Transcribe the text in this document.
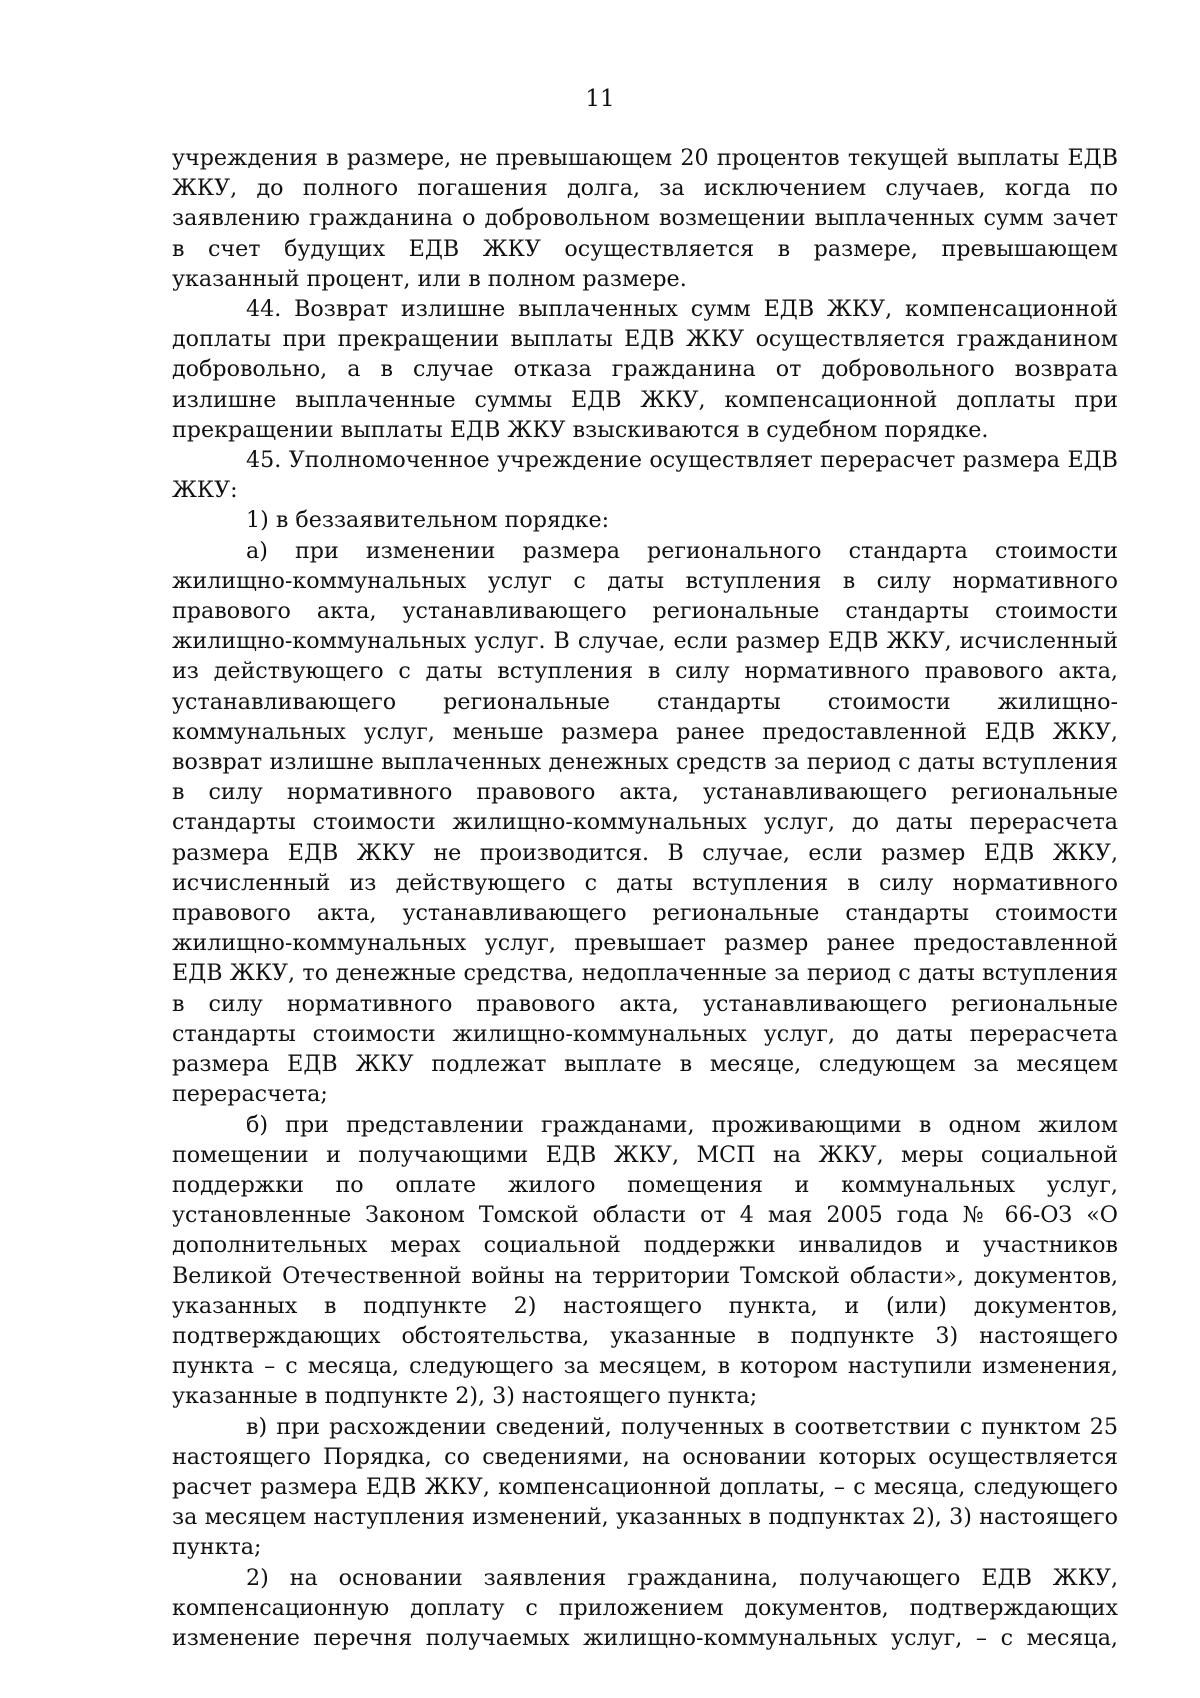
11

учреждения в размере, не превышающем 20 процентов текущей выплаты ЕДВ ЖКУ, до полного погашения долга, за исключением случаев, когда по заявлению гражданина о добровольном возмещении выплаченных сумм зачет в счет будущих ЕДВ ЖКУ осуществляется в размере, превышающем указанный процент, или в полном размере.

44. Возврат излишне выплаченных сумм ЕДВ ЖКУ, компенсационной доплаты при прекращении выплаты ЕДВ ЖКУ осуществляется гражданином добровольно, а в случае отказа гражданина от добровольного возврата излишне выплаченные суммы ЕДВ ЖКУ, компенсационной доплаты при прекращении выплаты ЕДВ ЖКУ взыскиваются в судебном порядке.

45. Уполномоченное учреждение осуществляет перерасчет размера ЕДВ ЖКУ:

1) в беззаявительном порядке:

а) при изменении размера регионального стандарта стоимости жилищно-коммунальных услуг с даты вступления в силу нормативного правового акта, устанавливающего региональные стандарты стоимости жилищно-коммунальных услуг. В случае, если размер ЕДВ ЖКУ, исчисленный из действующего с даты вступления в силу нормативного правового акта, устанавливающего региональные стандарты стоимости жилищно-коммунальных услуг, меньше размера ранее предоставленной ЕДВ ЖКУ, возврат излишне выплаченных денежных средств за период с даты вступления в силу нормативного правового акта, устанавливающего региональные стандарты стоимости жилищно-коммунальных услуг, до даты перерасчета размера ЕДВ ЖКУ не производится. В случае, если размер ЕДВ ЖКУ, исчисленный из действующего с даты вступления в силу нормативного правового акта, устанавливающего региональные стандарты стоимости жилищно-коммунальных услуг, превышает размер ранее предоставленной ЕДВ ЖКУ, то денежные средства, недоплаченные за период с даты вступления в силу нормативного правового акта, устанавливающего региональные стандарты стоимости жилищно-коммунальных услуг, до даты перерасчета размера ЕДВ ЖКУ подлежат выплате в месяце, следующем за месяцем перерасчета;

б) при представлении гражданами, проживающими в одном жилом помещении и получающими ЕДВ ЖКУ, МСП на ЖКУ, меры социальной поддержки по оплате жилого помещения и коммунальных услуг, установленные Законом Томской области от 4 мая 2005 года № 66-ОЗ «О дополнительных мерах социальной поддержки инвалидов и участников Великой Отечественной войны на территории Томской области», документов, указанных в подпункте 2) настоящего пункта, и (или) документов, подтверждающих обстоятельства, указанные в подпункте 3) настоящего пункта – с месяца, следующего за месяцем, в котором наступили изменения, указанные в подпункте 2), 3) настоящего пункта;

в) при расхождении сведений, полученных в соответствии с пунктом 25 настоящего Порядка, со сведениями, на основании которых осуществляется расчет размера ЕДВ ЖКУ, компенсационной доплаты, – с месяца, следующего за месяцем наступления изменений, указанных в подпунктах 2), 3) настоящего пункта;

2) на основании заявления гражданина, получающего ЕДВ ЖКУ, компенсационную доплату с приложением документов, подтверждающих изменение перечня получаемых жилищно-коммунальных услуг, – с месяца,
